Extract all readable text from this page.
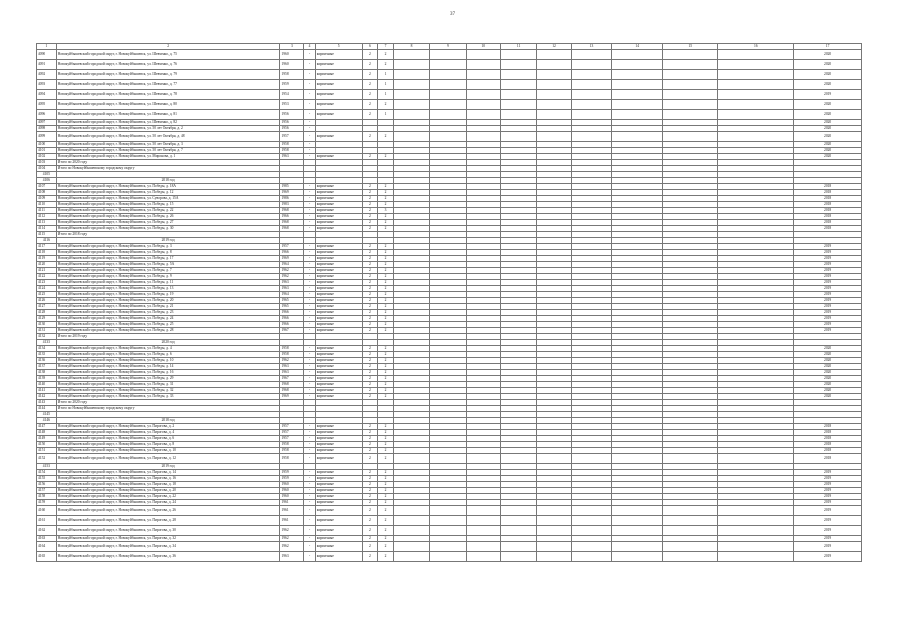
37
1	2	3	4	5	6	7	8	9	10	11	12	13	14	15	16	17
4090	Новокуйбышевский городской округ, г. Новокуйбышевск, ул. Шевченко, д. 75	1960	-	кирпичные	2	2										2020
4091	Новокуйбышевский городской округ, г. Новокуйбышевск, ул. Шевченко, д. 76	1960	-	кирпичные	2	2										2020
4092	Новокуйбышевский городской округ, г. Новокуйбышевск, ул. Шевченко, д. 79	1958	-	кирпичные	2	1										2020
4093	Новокуйбышевский городской округ, г. Новокуйбышевск, ул. Шевченко, д. 77	1959	-	кирпичные	2	1										2020
4094	Новокуйбышевский городской округ, г. Новокуйбышевск, ул. Шевченко, д. 78	1954	-	кирпичные	2	1										2019
4095	Новокуйбышевский городской округ, г. Новокуйбышевск, ул. Шевченко, д. 80	1953	-	кирпичные	2	2										2020
4096	Новокуйбышевский городской округ, г. Новокуйбышевск, ул. Шевченко, д. 81	1956	-	кирпичные	2	1										2020
4097	Новокуйбышевский городской округ, г. Новокуйбышевск, ул. Шевченко, д. 82	1956	-													2020
4098	Новокуйбышевский городской округ, г. Новокуйбышевск, ул. 50 лет Октября, д. 2	1956	-													2020
4099	Новокуйбышевский городской округ, г. Новокуйбышевск, ул. 50 лет Октября, д. 48	1957	-	кирпичные	2	2										2020
4100	Новокуйбышевский городской округ, г. Новокуйбышевск, ул. 50 лет Октября, д. 3	1958	-													2020
4101	Новокуйбышевский городской округ, г. Новокуйбышевск, ул. 50 лет Октября, д. 7	1958	-													2020
4102	Новокуйбышевский городской округ, г. Новокуйбышевск, ул. Миронова, д. 1	1963	-	кирпичные	2	2										2020
4103	Итого по 2020 году															
4104	Итого по Новокуйбышевскому городскому округу															
4105																
4106	2018 год															
4107	Новокуйбышевский городской округ, г. Новокуйбышевск, ул. Победы, д. 18А	1985	-	кирпичные	2	2										2018
4108	Новокуйбышевский городской округ, г. Новокуйбышевск, ул. Победы, д. 12	1969	-	кирпичные	2	2										2018
4109	Новокуйбышевский городской округ, г. Новокуйбышевск, ул. Суворова, д. 15А	1986	-	кирпичные	2	2										2018
4110	Новокуйбышевский городской округ, г. Новокуйбышевск, ул. Победы, д. 15	1983	-	кирпичные	2	2										2018
4111	Новокуйбышевский городской округ, г. Новокуйбышевск, ул. Победы, д. 22	1968	-	кирпичные	2	3										2018
4112	Новокуйбышевский городской округ, г. Новокуйбышевск, ул. Победы, д. 26	1966	-	кирпичные	2	2										2018
4113	Новокуйбышевский городской округ, г. Новокуйбышевск, ул. Победы, д. 27	1968	-	кирпичные	2	2										2018
4114	Новокуйбышевский городской округ, г. Новокуйбышевск, ул. Победы, д. 30	1968	-	кирпичные	2	2										2018
4115	Итого по 2018 году															
4116	2019 год															
4117	Новокуйбышевский городской округ, г. Новокуйбышевск, ул. Победы, д. 3	1957	-	кирпичные	2	2										2019
4118	Новокуйбышевский городской округ, г. Новокуйбышевск, ул. Победы, д. 8	1966	-	кирпичные	2	2										2019
4119	Новокуйбышевский городской округ, г. Новокуйбышевск, ул. Победы, д. 17	1969	-	кирпичные	2	2										2019
4120	Новокуйбышевский городской округ, г. Новокуйбышевск, ул. Победы, д. 5А	1964	-	кирпичные	2	2										2019
4121	Новокуйбышевский городской округ, г. Новокуйбышевск, ул. Победы, д. 7	1962	-	кирпичные	2	2										2019
4122	Новокуйбышевский городской округ, г. Новокуйбышевск, ул. Победы, д. 9	1962	-	кирпичные	2	2										2019
4123	Новокуйбышевский городской округ, г. Новокуйбышевск, ул. Победы, д. 11	1963	-	кирпичные	2	2										2019
4124	Новокуйбышевский городской округ, г. Новокуйбышевск, ул. Победы, д. 13	1963	-	кирпичные	2	2										2019
4125	Новокуйбышевский городской округ, г. Новокуйбышевск, ул. Победы, д. 19	1964	-	кирпичные	2	2										2019
4126	Новокуйбышевский городской округ, г. Новокуйбышевск, ул. Победы, д. 20	1965	-	кирпичные	2	2										2019
4127	Новокуйбышевский городской округ, г. Новокуйбышевск, ул. Победы, д. 21	1965	-	кирпичные	2	2										2019
4128	Новокуйбышевский городской округ, г. Новокуйбышевск, ул. Победы, д. 23	1966	-	кирпичные	2	2										2019
4129	Новокуйбышевский городской округ, г. Новокуйбышевск, ул. Победы, д. 24	1966	-	кирпичные	2	2										2019
4130	Новокуйбышевский городской округ, г. Новокуйбышевск, ул. Победы, д. 25	1966	-	кирпичные	2	2										2019
4131	Новокуйбышевский городской округ, г. Новокуйбышевск, ул. Победы, д. 28	1967	-	кирпичные	2	2										2019
4132	Итого по 2019 году															
4133	2020 год															
4134	Новокуйбышевский городской округ, г. Новокуйбышевск, ул. Победы, д. 4	1958	-	кирпичные	2	2										2020
4135	Новокуйбышевский городской округ, г. Новокуйбышевск, ул. Победы, д. 6	1958	-	кирпичные	2	2										2020
4136	Новокуйбышевский городской округ, г. Новокуйбышевск, ул. Победы, д. 10	1962	-	кирпичные	2	2										2020
4137	Новокуйбышевский городской округ, г. Новокуйбышевск, ул. Победы, д. 14	1963	-	кирпичные	2	2										2020
4138	Новокуйбышевский городской округ, г. Новокуйбышевск, ул. Победы, д. 16	1963	-	кирпичные	2	2										2020
4139	Новокуйбышевский городской округ, г. Новокуйбышевск, ул. Победы, д. 29	1967	-	кирпичные	2	2										2020
4140	Новокуйбышевский городской округ, г. Новокуйбышевск, ул. Победы, д. 31	1968	-	кирпичные	2	2										2020
4141	Новокуйбышевский городской округ, г. Новокуйбышевск, ул. Победы, д. 32	1968	-	кирпичные	2	2										2020
4142	Новокуйбышевский городской округ, г. Новокуйбышевск, ул. Победы, д. 33	1969	-	кирпичные	2	2										2020
4143	Итого по 2020 году															
4144	Итого по Новокуйбышевскому городскому округу															
4145																
4146	2018 год															
4147	Новокуйбышевский городской округ, г. Новокуйбышевск, ул. Пирогова, д. 2	1957	-	кирпичные	2	2										2018
4148	Новокуйбышевский городской округ, г. Новокуйбышевск, ул. Пирогова, д. 4	1957	-	кирпичные	2	2										2018
4149	Новокуйбышевский городской округ, г. Новокуйбышевск, ул. Пирогова, д. 6	1957	-	кирпичные	2	2										2018
4150	Новокуйбышевский городской округ, г. Новокуйбышевск, ул. Пирогова, д. 8	1958	-	кирпичные	2	2										2018
4151	Новокуйбышевский городской округ, г. Новокуйбышевск, ул. Пирогова, д. 10	1958	-	кирпичные	2	2										2018
4152	Новокуйбышевский городской округ, г. Новокуйбышевск, ул. Пирогова, д. 12	1958	-	кирпичные	2	2										2018
4153	2019 год															
4154	Новокуйбышевский городской округ, г. Новокуйбышевск, ул. Пирогова, д. 14	1959	-	кирпичные	2	2										2019
4155	Новокуйбышевский городской округ, г. Новокуйбышевск, ул. Пирогова, д. 16	1959	-	кирпичные	2	2										2019
4156	Новокуйбышевский городской округ, г. Новокуйбышевск, ул. Пирогова, д. 18	1960	-	кирпичные	2	2										2019
4157	Новокуйбышевский городской округ, г. Новокуйбышевск, ул. Пирогова, д. 20	1960	-	кирпичные	2	2										2019
4158	Новокуйбышевский городской округ, г. Новокуйбышевск, ул. Пирогова, д. 22	1960	-	кирпичные	2	2										2019
4159	Новокуйбышевский городской округ, г. Новокуйбышевск, ул. Пирогова, д. 24	1961	-	кирпичные	2	2										2019
4160	Новокуйбышевский городской округ, г. Новокуйбышевск, ул. Пирогова, д. 26	1961	-	кирпичные	2	2										2019
4161	Новокуйбышевский городской округ, г. Новокуйбышевск, ул. Пирогова, д. 28	1961	-	кирпичные	2	2										2019
4162	Новокуйбышевский городской округ, г. Новокуйбышевск, ул. Пирогова, д. 30	1962	-	кирпичные	2	2										2019
4163	Новокуйбышевский городской округ, г. Новокуйбышевск, ул. Пирогова, д. 32	1962	-	кирпичные	2	2										2019
4164	Новокуйбышевский городской округ, г. Новокуйбышевск, ул. Пирогова, д. 34	1962	-	кирпичные	2	2										2019
4165	Новокуйбышевский городской округ, г. Новокуйбышевск, ул. Пирогова, д. 36	1963	-	кирпичные	2	2										2019
